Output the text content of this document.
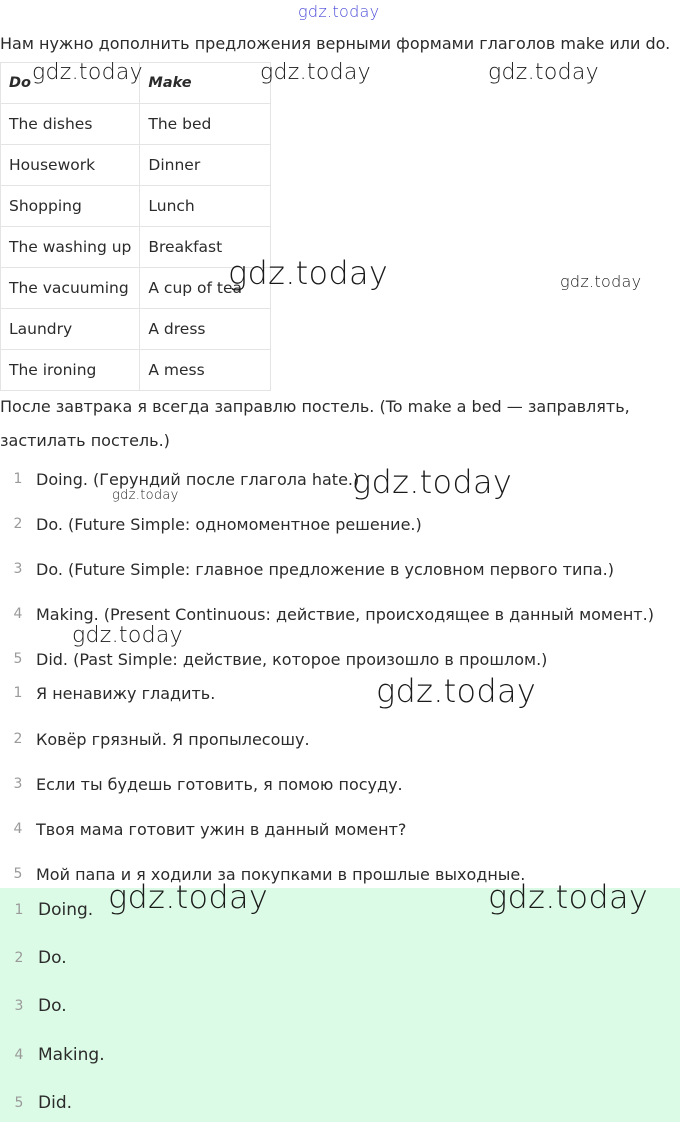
gdz.today
Нам нужно дополнить предложения верными формами глаголов make или do.
Do	Make
The dishes	The bed
Housework	Dinner
Shopping	Lunch
The washing up	Breakfast
The vacuuming	A cup of tea
Laundry	A dress
The ironing	A mess
После завтрака я всегда заправлю постель. (To make a bed — заправлять,
застилать постель.)
1 Doing. (Герундий после глагола hate.)
2 Do. (Future Simple: одномоментное решение.)
3 Do. (Future Simple: главное предложение в условном первого типа.)
4 Making. (Present Continuous: действие, происходящее в данный момент.)
5 Did. (Past Simple: действие, которое произошло в прошлом.)
1 Я ненавижу гладить.
2 Ковёр грязный. Я пропылесошу.
3 Если ты будешь готовить, я помою посуду.
4 Твоя мама готовит ужин в данный момент?
5 Мой папа и я ходили за покупками в прошлые выходные.
1 Doing.
2 Do.
3 Do.
4 Making.
5 Did.
gdz.today	gdz.today	gdz.today
gdz.today	gdz.today
gdz.today
gdz.today
gdz.today
gdz.today
gdz.today	gdz.today
